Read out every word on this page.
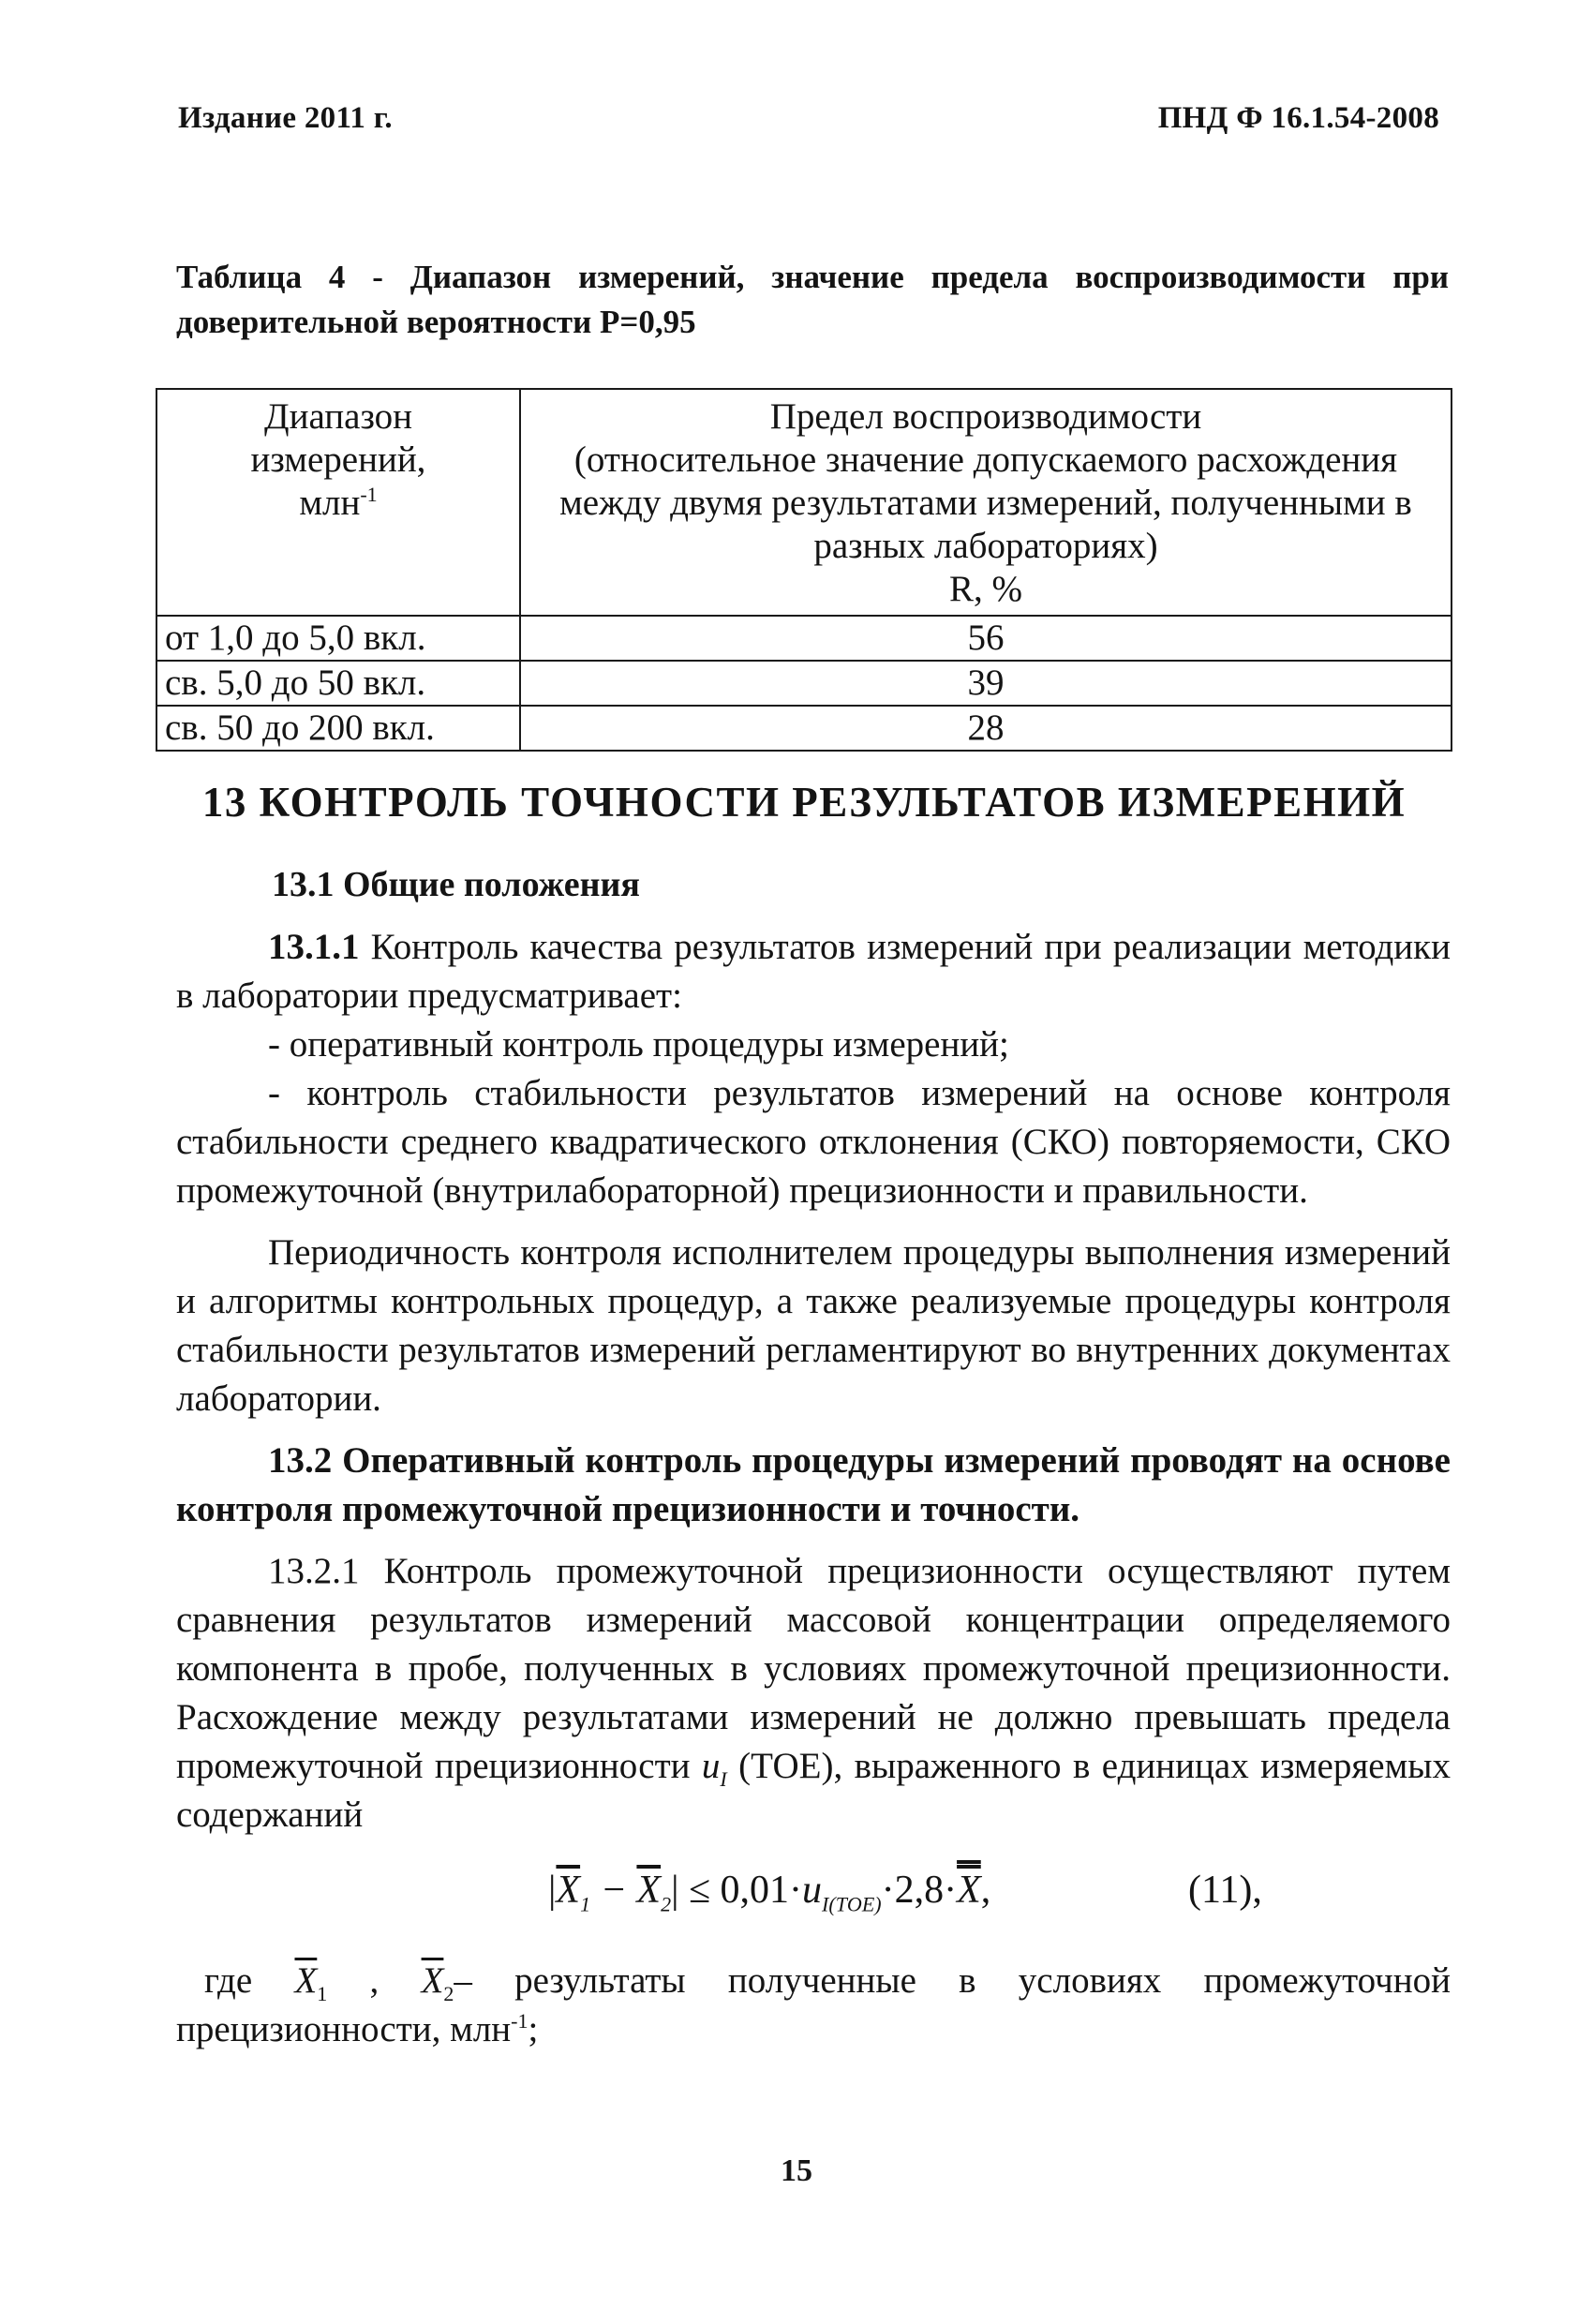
Издание 2011 г.	ПНД Ф 16.1.54-2008
Таблица 4 - Диапазон измерений, значение предела воспроизводимости при доверительной вероятности Р=0,95
Диапазон
измерений,
млн$^{-1}$	Предел воспроизводимости
(относительное значение допускаемого расхождения между двумя результатами измерений, полученными в разных лабораториях)
R, %
от 1,0 до 5,0 вкл.	56
св. 5,0 до 50 вкл.	39
св. 50 до 200 вкл.	28
13 КОНТРОЛЬ ТОЧНОСТИ РЕЗУЛЬТАТОВ ИЗМЕРЕНИЙ
13.1 Общие положения

13.1.1 Контроль качества результатов измерений при реализации методики в лаборатории предусматривает:

- оперативный контроль процедуры измерений;

- контроль стабильности результатов измерений на основе контроля стабильности среднего квадратического отклонения (СКО) повторяемости, СКО промежуточной (внутрилабораторной) прецизионности и правильности.

Периодичность контроля исполнителем процедуры выполнения измерений и алгоритмы контрольных процедур, а также реализуемые процедуры контроля стабильности результатов измерений регламентируют во внутренних документах лаборатории.

13.2 Оперативный контроль процедуры измерений проводят на основе контроля промежуточной прецизионности и точности.

13.2.1 Контроль промежуточной прецизионности осуществляют путем сравнения результатов измерений массовой концентрации определяемого компонента в пробе, полученных в условиях промежуточной прецизионности. Расхождение между результатами измерений не должно превышать предела промежуточной прецизионности $u_I$ (ТОЕ), выраженного в единицах измеряемых содержаний

$|\overline{X}_1 - \overline{X}_2| \le 0,01\cdot u_{I(ТОЕ)}\cdot 2,8\cdot X$,	(11),

где $\overline{X}_1$ , $\overline{X}_2-$ результаты полученные в условиях промежуточной прецизионности, млн$^{-1}$;

15
